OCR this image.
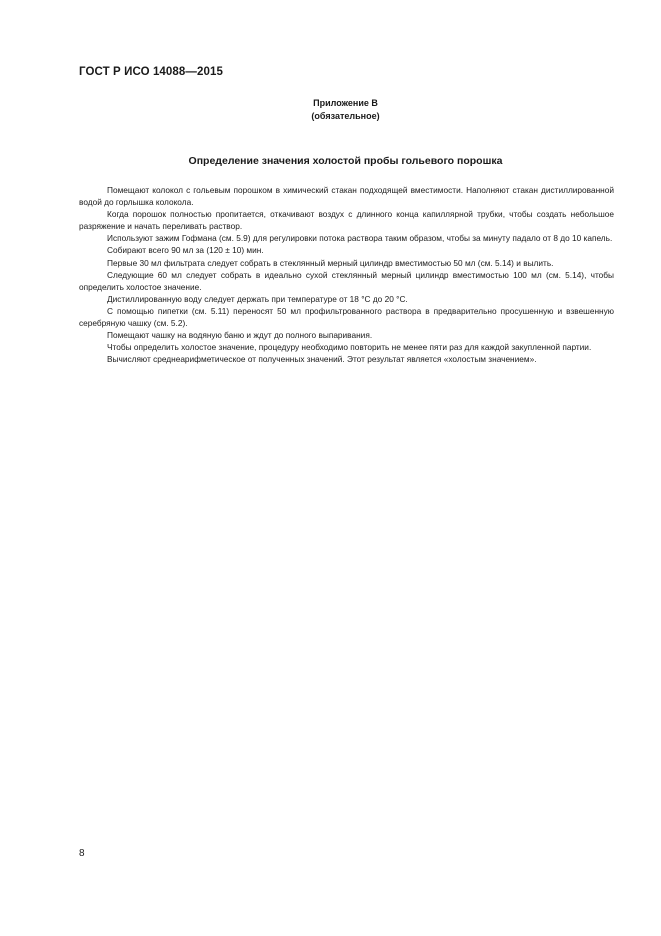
ГОСТ Р ИСО 14088—2015
Приложение В
(обязательное)
Определение значения холостой пробы гольевого порошка

Помещают колокол с гольевым порошком в химический стакан подходящей вместимости. Наполняют стакан дистиллированной водой до горлышка колокола.

Когда порошок полностью пропитается, откачивают воздух с длинного конца капиллярной трубки, чтобы создать небольшое разряжение и начать переливать раствор.

Используют зажим Гофмана (см. 5.9) для регулировки потока раствора таким образом, чтобы за минуту падало от 8 до 10 капель.

Собирают всего 90 мл за (120 ± 10) мин.

Первые 30 мл фильтрата следует собрать в стеклянный мерный цилиндр вместимостью 50 мл (см. 5.14) и вылить.

Следующие 60 мл следует собрать в идеально сухой стеклянный мерный цилиндр вместимостью 100 мл (см. 5.14), чтобы определить холостое значение.

Дистиллированную воду следует держать при температуре от 18 °С до 20 °С.

С помощью пипетки (см. 5.11) переносят 50 мл профильтрованного раствора в предварительно просушенную и взвешенную серебряную чашку (см. 5.2).

Помещают чашку на водяную баню и ждут до полного выпаривания.

Чтобы определить холостое значение, процедуру необходимо повторить не менее пяти раз для каждой закупленной партии.

Вычисляют среднеарифметическое от полученных значений. Этот результат является «холостым значением».

8
